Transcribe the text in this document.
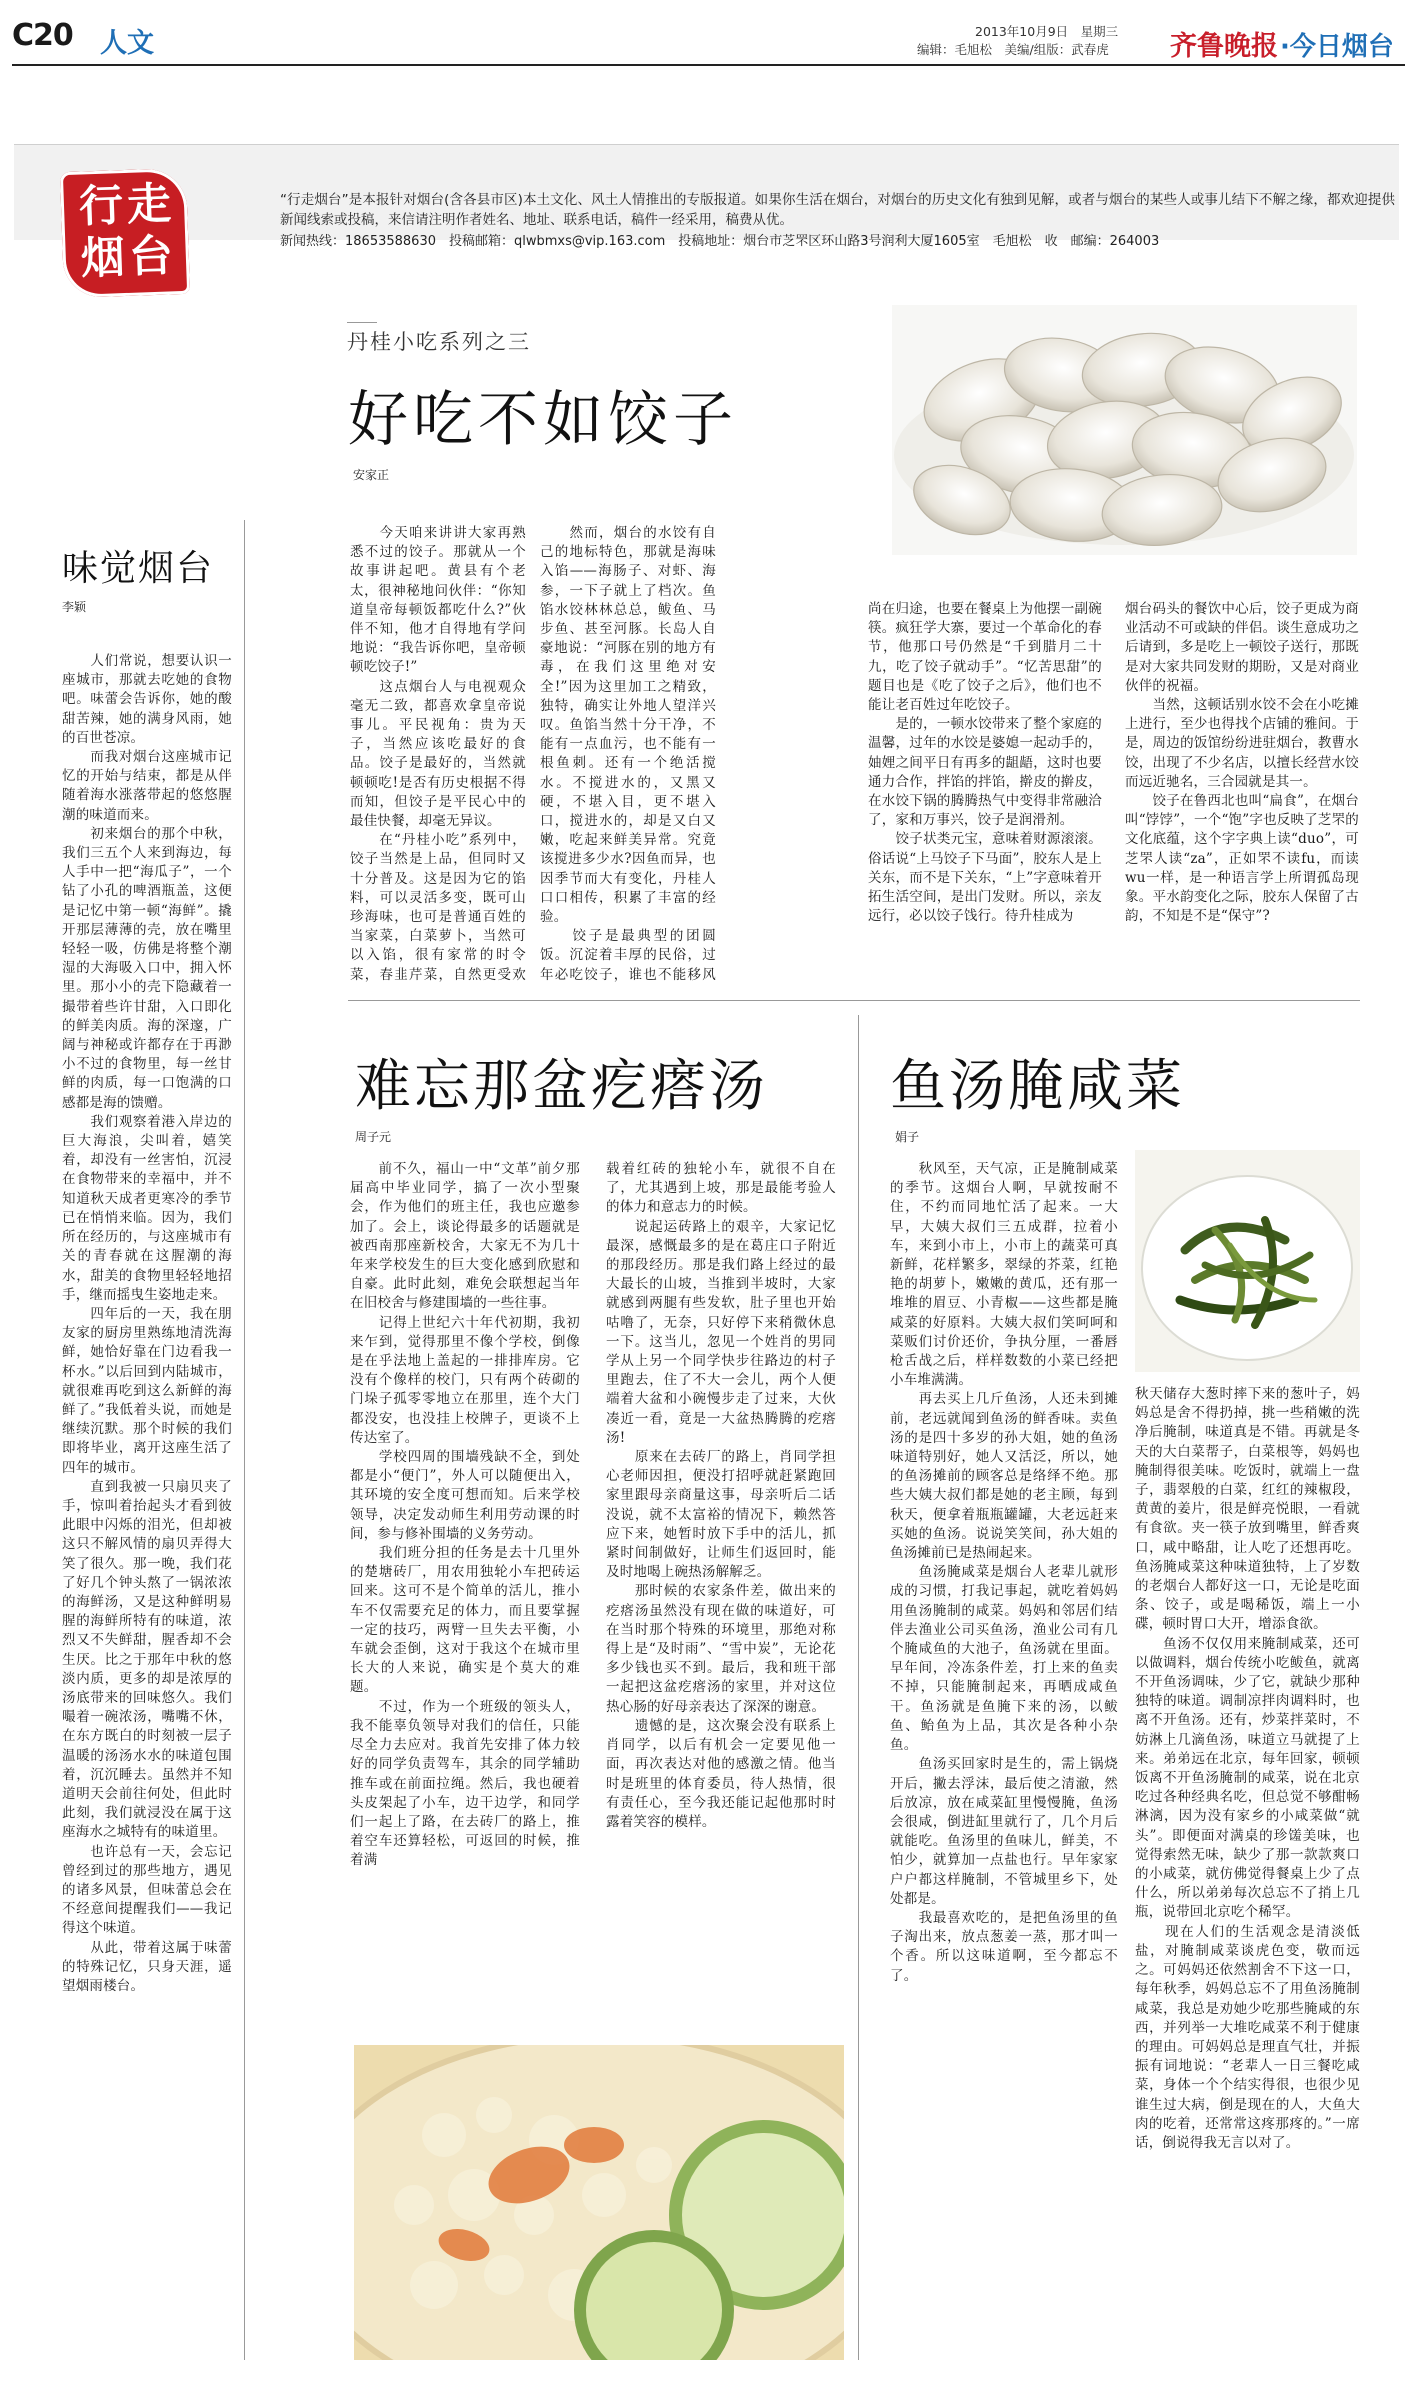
C20 人文	2013年10月9日　星期三
编辑：毛旭松　美编/组版：武春虎 齐鲁晚报 ·今日烟台
行走烟台
“行走烟台”是本报针对烟台(含各县市区)本土文化、风土人情推出的专版报道。如果你生活在烟台，对烟台的历史文化有独到见解，或者与烟台的某些人或事儿结下不解之缘，都欢迎提供新闻线索或投稿，来信请注明作者姓名、地址、联系电话，稿件一经采用，稿费从优。
新闻热线：18653588630　投稿邮箱：qlwbmxs@vip.163.com　投稿地址：烟台市芝罘区环山路3号润利大厦1605室　毛旭松　收　邮编：264003
丹桂小吃系列之三
好吃不如饺子
安家正
味觉烟台
李颖
　　人们常说，想要认识一座城市，那就去吃她的食物吧。味蕾会告诉你，她的酸甜苦辣，她的满身风雨，她的百世苍凉。
　　而我对烟台这座城市记忆的开始与结束，都是从伴随着海水涨落带起的悠悠腥潮的味道而来。
　　初来烟台的那个中秋，我们三五个人来到海边，每人手中一把“海瓜子”，一个钻了小孔的啤酒瓶盖，这便是记忆中第一顿“海鲜”。撬开那层薄薄的壳，放在嘴里轻轻一吸，仿佛是将整个潮湿的大海吸入口中，拥入怀里。那小小的壳下隐藏着一撮带着些许甘甜，入口即化的鲜美肉质。海的深邃，广阔与神秘或许都存在于再渺小不过的食物里，每一丝甘鲜的肉质，每一口饱满的口感都是海的馈赠。
　　我们观察着港入岸边的巨大海浪，尖叫着，嬉笑着，却没有一丝害怕，沉浸在食物带来的幸福中，并不知道秋天成者更寒冷的季节已在悄悄来临。因为，我们所在经历的，与这座城市有关的青春就在这腥潮的海水，甜美的食物里轻轻地招手，继而摇曳生姿地走来。
　　四年后的一天，我在朋友家的厨房里熟练地清洗海鲜，她恰好靠在门边看我一杯水。”以后回到内陆城市，就很难再吃到这么新鲜的海鲜了。”我低着头说，而她是继续沉默。那个时候的我们即将毕业，离开这座生活了四年的城市。
　　直到我被一只扇贝夹了手，惊叫着抬起头才看到彼此眼中闪烁的泪光，但却被这只不解风情的扇贝弄得大笑了很久。那一晚，我们花了好几个钟头熬了一锅浓浓的海鲜汤，又是这种鲜明易腥的海鲜所特有的味道，浓烈又不失鲜甜，腥香却不会生厌。比之于那年中秋的悠淡内质，更多的却是浓厚的汤底带来的回味悠久。我们嘬着一碗浓汤，嘴嘴不休，在东方既白的时刻被一层子温暖的汤汤水水的味道包围着，沉沉睡去。虽然并不知道明天会前往何处，但此时此刻，我们就浸没在属于这座海水之城特有的味道里。
　　也许总有一天，会忘记曾经到过的那些地方，遇见的诸多风景，但味蕾总会在不经意间提醒我们——我记得这个味道。
　　从此，带着这属于味蕾的特殊记忆，只身天涯，遥望烟雨楼台。
　　今天咱来讲讲大家再熟悉不过的饺子。那就从一个故事讲起吧。黄县有个老太，很神秘地问伙伴：“你知道皇帝每顿饭都吃什么?”伙伴不知，他才自得地有学问地说：“我告诉你吧，皇帝顿顿吃饺子!”
　　这点烟台人与电视观众毫无二致，都喜欢拿皇帝说事儿。平民视角：贵为天子，当然应该吃最好的食品。饺子是最好的，当然就顿顿吃!是否有历史根据不得而知，但饺子是平民心中的最佳快餐，却毫无异议。
　　在“丹桂小吃”系列中，饺子当然是上品，但同时又十分普及。这是因为它的馅料，可以灵活多变，既可山珍海味，也可是普通百姓的当家菜，白菜萝卜，当然可以入馅，很有家常的时令菜，春韭芹菜，自然更受欢
　　然而，烟台的水饺有自己的地标特色，那就是海味入馅——海肠子、对虾、海参，一下子就上了档次。鱼馅水饺林林总总，鲅鱼、马步鱼、甚至河豚。长岛人自豪地说：“河豚在别的地方有毒，在我们这里绝对安全!”因为这里加工之精致，独特，确实让外地人望洋兴叹。鱼馅当然十分干净，不能有一点血污，也不能有一根鱼刺。还有一个绝活搅水。不搅进水的，又黑又硬，不堪入目，更不堪入口，搅进水的，却是又白又嫩，吃起来鲜美异常。究竟该搅进多少水?因鱼而异，也因季节而大有变化，丹桂人口口相传，积累了丰富的经验。
　　饺子是最典型的团圆饭。沉淀着丰厚的民俗，过年必吃饺子，谁也不能移风
尚在归途，也要在餐桌上为他摆一副碗筷。疯狂学大寨，要过一个革命化的春节，他那口号仍然是“千到腊月二十九，吃了饺子就动手”。“忆苦思甜”的题目也是《吃了饺子之后》，他们也不能让老百姓过年吃饺子。
　　是的，一顿水饺带来了整个家庭的温馨，过年的水饺是婆媳一起动手的，妯娌之间平日有再多的龃龉，这时也要通力合作，拌馅的拌馅，擀皮的擀皮，在水饺下锅的腾腾热气中变得非常融洽了，家和万事兴，饺子是润滑剂。
　　饺子状类元宝，意味着财源滚滚。俗话说“上马饺子下马面”，胶东人是上关东，而不是下关东，“上”字意味着开拓生活空间，是出门发财。所以，亲友远行，必以饺子饯行。待升桂成为
烟台码头的餐饮中心后，饺子更成为商业活动不可或缺的伴侣。谈生意成功之后请到，多是吃上一顿饺子送行，那既是对大家共同发财的期盼，又是对商业伙伴的祝福。
　　当然，这顿话别水饺不会在小吃摊上进行，至少也得找个店铺的雅间。于是，周边的饭馆纷纷进驻烟台，教曹水饺，出现了不少名店，以擅长经营水饺而远近驰名，三合园就是其一。
　　饺子在鲁西北也叫“扁食”，在烟台叫“饽饽”，一个“饱”字也反映了芝罘的文化底蕴，这个字字典上读“duo”，可芝罘人读“za”，正如罘不读fu，而读wu一样，是一种语言学上所谓孤岛现象。平水韵变化之际，胶东人保留了古韵，不知是不是“保守”?
难忘那盆疙瘩汤
周子元
　　前不久，福山一中“文革”前夕那届高中毕业同学，搞了一次小型聚会，作为他们的班主任，我也应邀参加了。会上，谈论得最多的话题就是被西南那座新校舍，大家无不为几十年来学校发生的巨大变化感到欣慰和自豪。此时此刻，难免会联想起当年在旧校舍与修建围墙的一些往事。
　　记得上世纪六十年代初期，我初来乍到，觉得那里不像个学校，倒像是在乎法地上盖起的一排排库房。它没有个像样的校门，只有两个砖砌的门垛子孤零零地立在那里，连个大门都没安，也没挂上校牌子，更谈不上传达室了。
　　学校四周的围墙残缺不全，到处都是小“便门”，外人可以随便出入，其环境的安全度可想而知。后来学校领导，决定发动师生利用劳动课的时间，参与修补围墙的义务劳动。
　　我们班分担的任务是去十几里外的楚塘砖厂，用农用独轮小车把砖运回来。这可不是个简单的活儿，推小车不仅需要充足的体力，而且要掌握一定的技巧，两臂一旦失去平衡，小车就会歪倒，这对于我这个在城市里长大的人来说，确实是个莫大的难题。
　　不过，作为一个班级的领头人，我不能辜负领导对我们的信任，只能尽全力去应对。我首先安排了体力较好的同学负责驾车，其余的同学辅助推车或在前面拉绳。然后，我也硬着头皮架起了小车，边干边学，和同学们一起上了路，在去砖厂的路上，推着空车还算轻松，可返回的时候，推着满
载着红砖的独轮小车，就很不自在了，尤其遇到上坡，那是最能考验人的体力和意志力的时候。
　　说起运砖路上的艰辛，大家记忆最深，感慨最多的是在葛庄口子附近的那段经历。那是我们路上经过的最大最长的山坡，当推到半坡时，大家就感到两腿有些发软，肚子里也开始咕噜了，无奈，只好停下来稍微休息一下。这当儿，忽见一个姓肖的男同学从上另一个同学快步往路边的村子里跑去，住了不大一会儿，两个人便端着大盆和小碗慢步走了过来，大伙凑近一看，竟是一大盆热腾腾的疙瘩汤!
　　原来在去砖厂的路上，肖同学担心老师因担，便没打招呼就赶紧跑回家里跟母亲商量这事，母亲听后二话没说，就不太富裕的情况下，赖然答应下来，她暂时放下手中的活儿，抓紧时间制做好，让师生们返回时，能及时地喝上碗热汤解解乏。
　　那时候的农家条件差，做出来的疙瘩汤虽然没有现在做的味道好，可在当时那个特殊的环境里，那绝对称得上是“及时雨”、“雪中炭”，无论花多少钱也买不到。最后，我和班干部一起把这盆疙瘩汤的家里，并对这位热心肠的好母亲表达了深深的谢意。
　　遗憾的是，这次聚会没有联系上肖同学，以后有机会一定要见他一面，再次表达对他的感激之情。他当时是班里的体育委员，待人热情，很有责任心，至今我还能记起他那时时露着笑容的模样。
鱼汤腌咸菜
娟子
　　秋风至，天气凉，正是腌制咸菜的季节。这烟台人啊，早就按耐不住，不约而同地忙活了起来。一大早，大姨大叔们三五成群，拉着小车，来到小市上，小市上的蔬菜可真新鲜，花样繁多，翠绿的芥菜，红艳艳的胡萝卜，嫩嫩的黄瓜，还有那一堆堆的眉豆、小青椒——这些都是腌咸菜的好原料。大姨大叔们笑呵呵和菜贩们讨价还价，争执分厘，一番唇枪舌战之后，样样数数的小菜已经把小车堆满满。
　　再去买上几斤鱼汤，人还未到摊前，老远就闻到鱼汤的鲜香味。卖鱼汤的是四十多岁的孙大姐，她的鱼汤味道特别好，她人又活泛，所以，她的鱼汤摊前的顾客总是络绎不绝。那些大姨大叔们都是她的老主顾，每到秋天，便拿着瓶瓶罐罐，大老远赶来买她的鱼汤。说说笑笑间，孙大姐的鱼汤摊前已是热闹起来。
　　鱼汤腌咸菜是烟台人老辈儿就形成的习惯，打我记事起，就吃着妈妈用鱼汤腌制的咸菜。妈妈和邻居们结伴去渔业公司买鱼汤，渔业公司有几个腌咸鱼的大池子，鱼汤就在里面。早年间，冷冻条件差，打上来的鱼卖不掉，只能腌制起来，再晒成咸鱼干。鱼汤就是鱼腌下来的汤，以鲅鱼、鲐鱼为上品，其次是各种小杂鱼。
　　鱼汤买回家时是生的，需上锅烧开后，撇去浮沫，最后使之清澈，然后放凉，放在咸菜缸里慢慢腌，鱼汤会很咸，倒进缸里就行了，几个月后就能吃。鱼汤里的鱼味儿，鲜美，不怕少，就算加一点盐也行。早年家家户户都这样腌制，不管城里乡下，处处都是。
　　我最喜欢吃的，是把鱼汤里的鱼子淘出来，放点葱姜一蒸，那才叫一个香。所以这味道啊，至今都忘不了。
秋天储存大葱时摔下来的葱叶子，妈妈总是舍不得扔掉，挑一些稍嫩的洗净后腌制，味道真是不错。再就是冬天的大白菜帮子，白菜根等，妈妈也腌制得很美味。吃饭时，就端上一盘子，翡翠般的白菜，红红的辣椒段，黄黄的姜片，很是鲜亮悦眼，一看就有食欲。夹一筷子放到嘴里，鲜香爽口，咸中略甜，让人吃了还想再吃。鱼汤腌咸菜这种味道独特，上了岁数的老烟台人都好这一口，无论是吃面条、饺子，或是喝稀饭，端上一小碟，顿时胃口大开，增添食欲。
　　鱼汤不仅仅用来腌制咸菜，还可以做调料，烟台传统小吃鲅鱼，就离不开鱼汤调味，少了它，就缺少那种独特的味道。调制凉拌肉调料时，也离不开鱼汤。还有，炒菜拌菜时，不妨淋上几滴鱼汤，味道立马就提了上来。弟弟远在北京，每年回家，顿顿饭离不开鱼汤腌制的咸菜，说在北京吃过各种经典名吃，但总觉不够酣畅淋漓，因为没有家乡的小咸菜做“就头”。即便面对满桌的珍馐美味，也觉得索然无味，缺少了那一款款爽口的小咸菜，就仿佛觉得餐桌上少了点什么，所以弟弟每次总忘不了捎上几瓶，说带回北京吃个稀罕。
　　现在人们的生活观念是清淡低盐，对腌制咸菜谈虎色变，敬而远之。可妈妈还依然割舍不下这一口，每年秋季，妈妈总忘不了用鱼汤腌制咸菜，我总是劝她少吃那些腌咸的东西，并列举一大堆吃咸菜不利于健康的理由。可妈妈总是理直气壮，并振振有词地说：“老辈人一日三餐吃咸菜，身体一个个结实得很，也很少见谁生过大病，倒是现在的人，大鱼大肉的吃着，还常常这疼那疼的。”一席话，倒说得我无言以对了。
